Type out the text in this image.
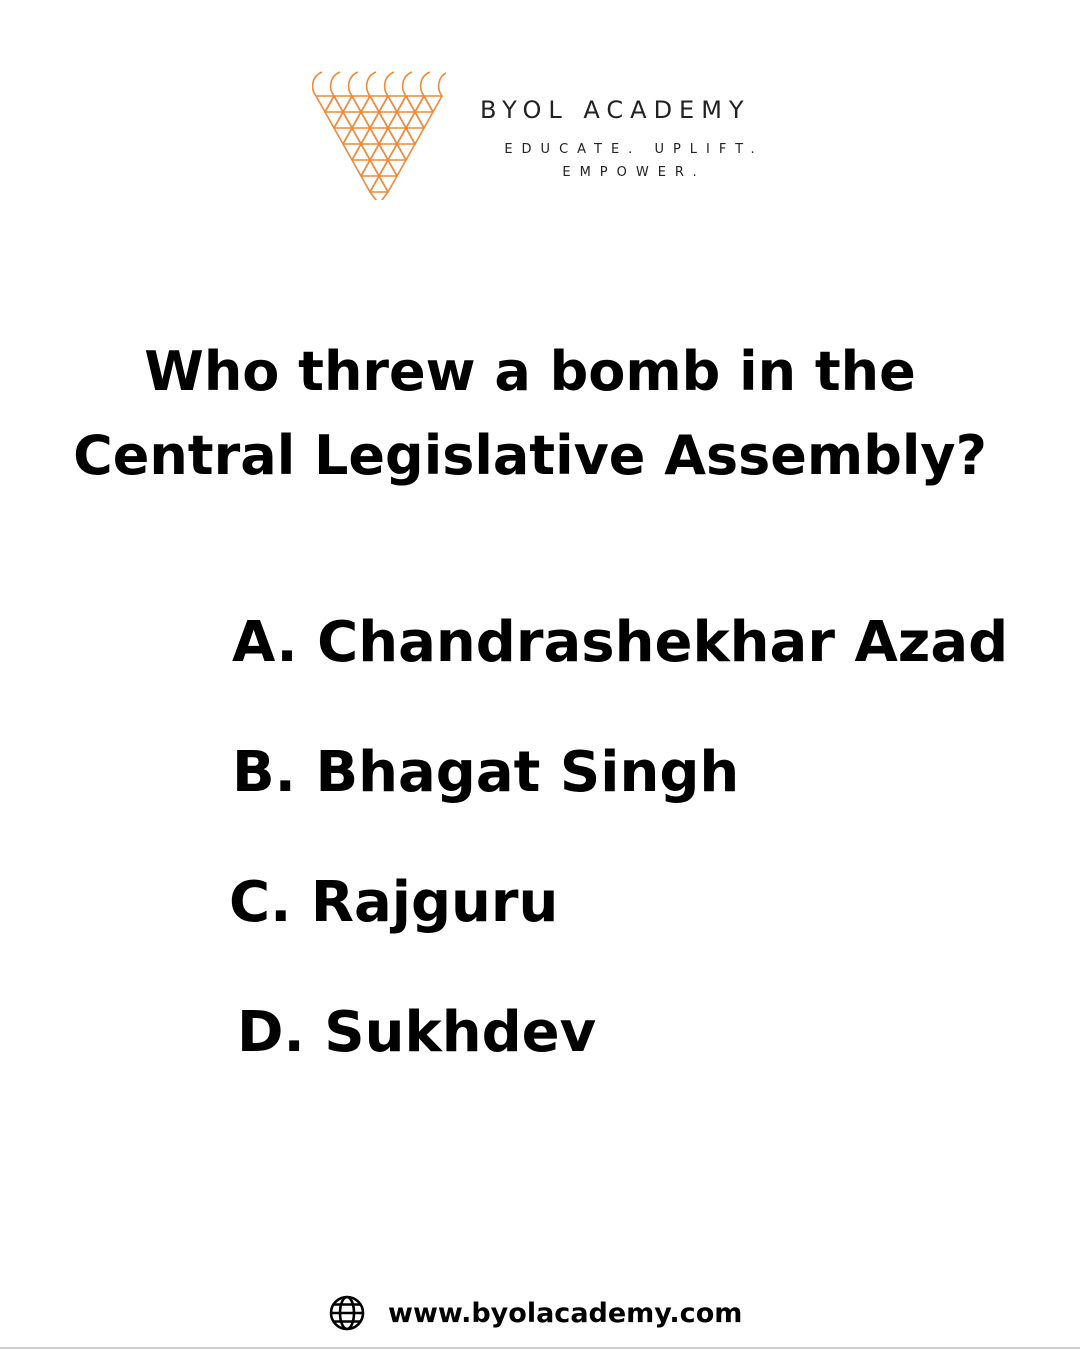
BYOL ACADEMY
EDUCATE. UPLIFT.
EMPOWER.
Who threw a bomb in the
Central Legislative Assembly?
A. Chandrashekhar Azad
B. Bhagat Singh
C. Rajguru
D. Sukhdev
www.byolacademy.com
